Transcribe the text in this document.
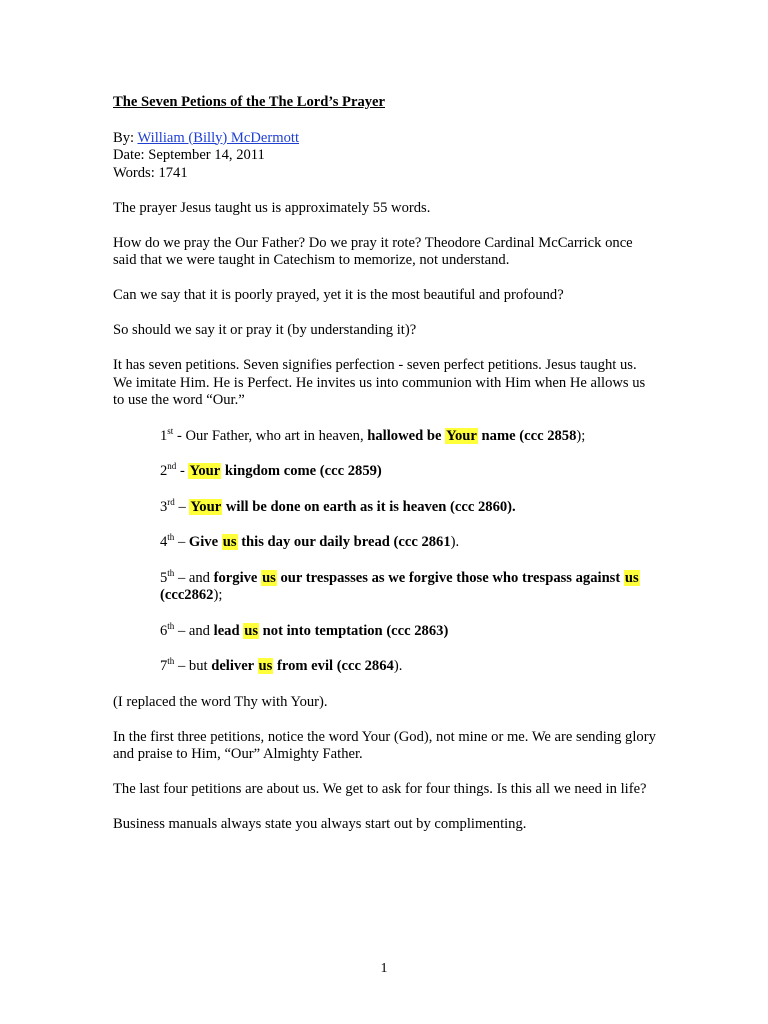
The Seven Petions of the The Lord’s Prayer
By: William (Billy) McDermott
Date: September 14, 2011
Words: 1741

The prayer Jesus taught us is approximately 55 words.

How do we pray the Our Father? Do we pray it rote? Theodore Cardinal McCarrick once said that we were taught in Catechism to memorize, not understand.

Can we say that it is poorly prayed, yet it is the most beautiful and profound?

So should we say it or pray it (by understanding it)?

It has seven petitions. Seven signifies perfection - seven perfect petitions. Jesus taught us. We imitate Him. He is Perfect. He invites us into communion with Him when He allows us to use the word “Our.”

1st - Our Father, who art in heaven, hallowed be Your name (ccc 2858);
2nd - Your kingdom come (ccc 2859)
3rd – Your will be done on earth as it is heaven (ccc 2860).
4th – Give us this day our daily bread (ccc 2861).
5th – and forgive us our trespasses as we forgive those who trespass against us
(ccc2862);
6th – and lead us not into temptation (ccc 2863)
7th – but deliver us from evil (ccc 2864).

(I replaced the word Thy with Your).

In the first three petitions, notice the word Your (God), not mine or me. We are sending glory and praise to Him, “Our” Almighty Father.

The last four petitions are about us. We get to ask for four things. Is this all we need in life?

Business manuals always state you always start out by complimenting.

1
